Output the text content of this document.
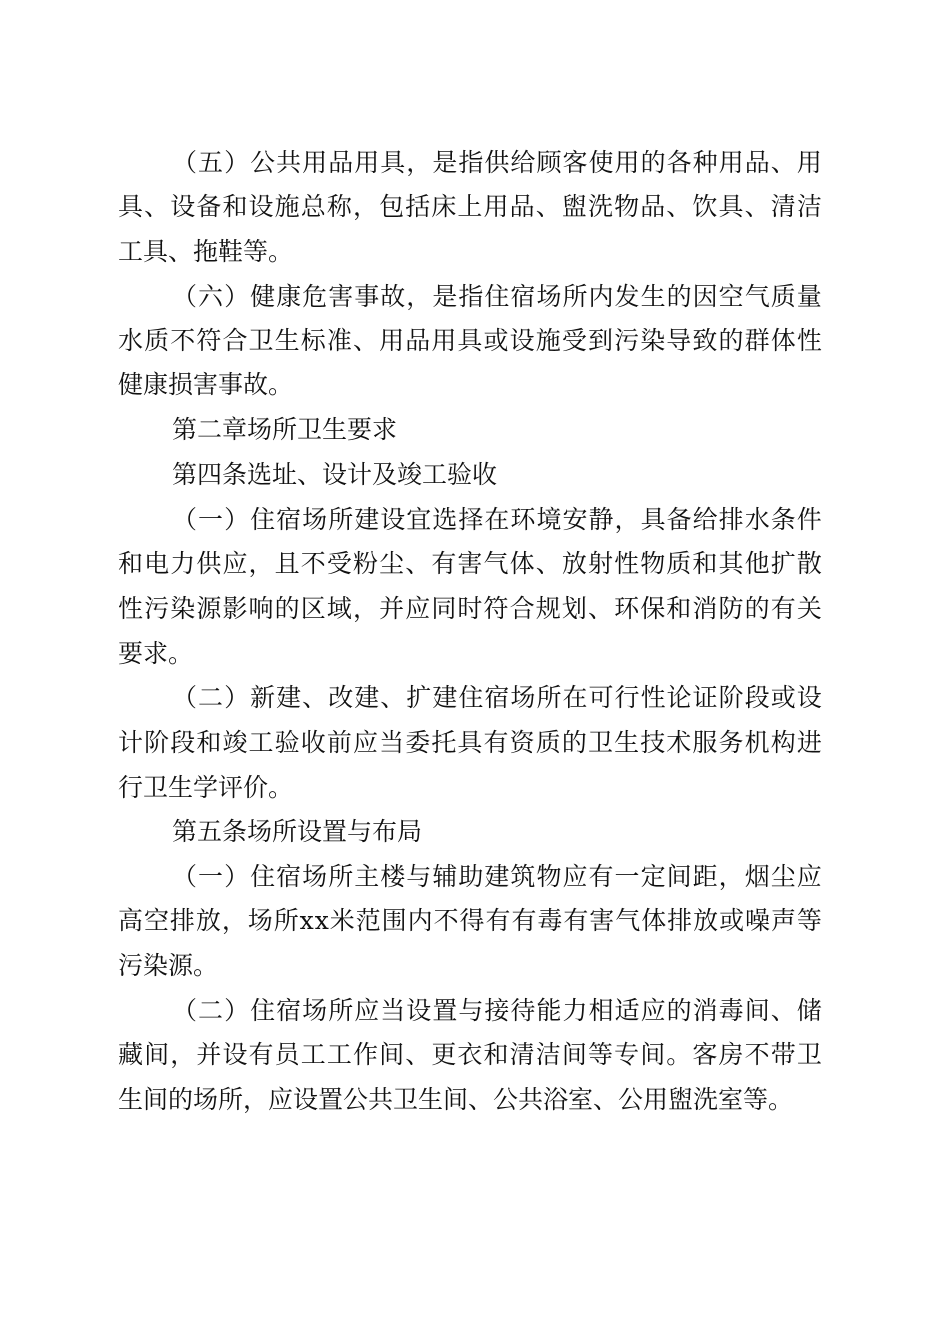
（ 五 ） 公 共 用 品 用 具 ， 是 指 供 给 顾 客 使 用 的 各 种 用 品 、 用
具 、 设 备 和 设 施 总 称 ， 包 括 床 上 用 品 、 盥 洗 物 品 、 饮 具 、 清 洁
工具、拖鞋等。
（ 六 ） 健 康 危 害 事 故 ， 是 指 住 宿 场 所 内 发 生 的 因 空 气 质 量
水 质 不 符 合 卫 生 标 准 、 用 品 用 具 或 设 施 受 到 污 染 导 致 的 群 体 性
健康损害事故。
第二章场所卫生要求
第四条选址、设计及竣工验收
（ 一 ） 住 宿 场 所 建 设 宜 选 择 在 环 境 安 静 ， 具 备 给 排 水 条 件
和 电 力 供 应 ， 且 不 受 粉 尘 、 有 害 气 体 、 放 射 性 物 质 和 其 他 扩 散
性 污 染 源 影 响 的 区 域 ， 并 应 同 时 符 合 规 划 、 环 保 和 消 防 的 有 关
要求。
（ 二 ） 新 建 、 改 建 、 扩 建 住 宿 场 所 在 可 行 性 论 证 阶 段 或 设
计 阶 段 和 竣 工 验 收 前 应 当 委 托 具 有 资 质 的 卫 生 技 术 服 务 机 构 进
行卫生学评价。
第五条场所设置与布局
（ 一 ） 住 宿 场 所 主 楼 与 辅 助 建 筑 物 应 有 一 定 间 距 ， 烟 尘 应
高 空 排 放 ， 场 所 x x 米 范 围 内 不 得 有 有 毒 有 害 气 体 排 放 或 噪 声 等
污染源。
（ 二 ） 住 宿 场 所 应 当 设 置 与 接 待 能 力 相 适 应 的 消 毒 间 、 储
藏 间 ， 并 设 有 员 工 工 作 间 、 更 衣 和 清 洁 间 等 专 间 。 客 房 不 带 卫
生间的场所，应设置公共卫生间、公共浴室、公用盥洗室等。
